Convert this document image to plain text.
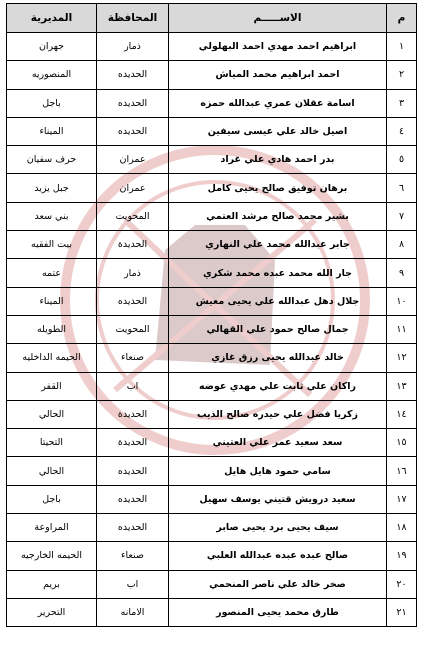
م	الاســـــم	المحافظة	المديرية
١	ابراهيم احمد مهدي احمد البهلولي	ذمار	جهران
٢	احمد ابراهيم محمد المياش	الحديده	المنصوريه
٣	اسامة عقلان عمري عبدالله حمزه	الحديده	باجل
٤	اصيل خالد علي عيسى سيفين	الحديده	الميناء
٥	بدر احمد هادي علي غراد	عمران	حرف سفيان
٦	برهان توفيق صالح يحيى كامل	عمران	جبل يزيد
٧	بشير محمد صالح مرشد العتمي	المحويت	بني سعد
٨	جابر عبدالله محمد علي النهاري	الحديدة	بيت الفقيه
٩	جار الله محمد عبده محمد شكري	ذمار	عتمه
١٠	جلال دهل عبدالله علي يحيى معيش	الحديده	الميناء
١١	جمال صالح حمود علي القهالي	المحويت	الطويله
١٢	خالد عبدالله يحيى رزق غازي	صنعاء	الحيمه الداخليه
١٣	راكان علي ثابت علي مهدي عوضه	اب	القفر
١٤	زكريا فضل علي حيدره صالح الذيب	الحديدة	الحالي
١٥	سعد سعيد عمر علي العتيني	الحديدة	التحيتا
١٦	سامي حمود هايل هايل	الحديده	الحالي
١٧	سعيد درويش قتيني يوسف سهيل	الحديده	باجل
١٨	سيف يحيى برد يحيى صابر	الحديده	المراوعة
١٩	صالح عبده عبده عبدالله العلبي	صنعاء	الحيمه الخارجيه
٢٠	صخر خالد علي ناصر المنحمي	اب	بريم
٢١	طارق محمد يحيى المنصور	الامانه	التحرير
